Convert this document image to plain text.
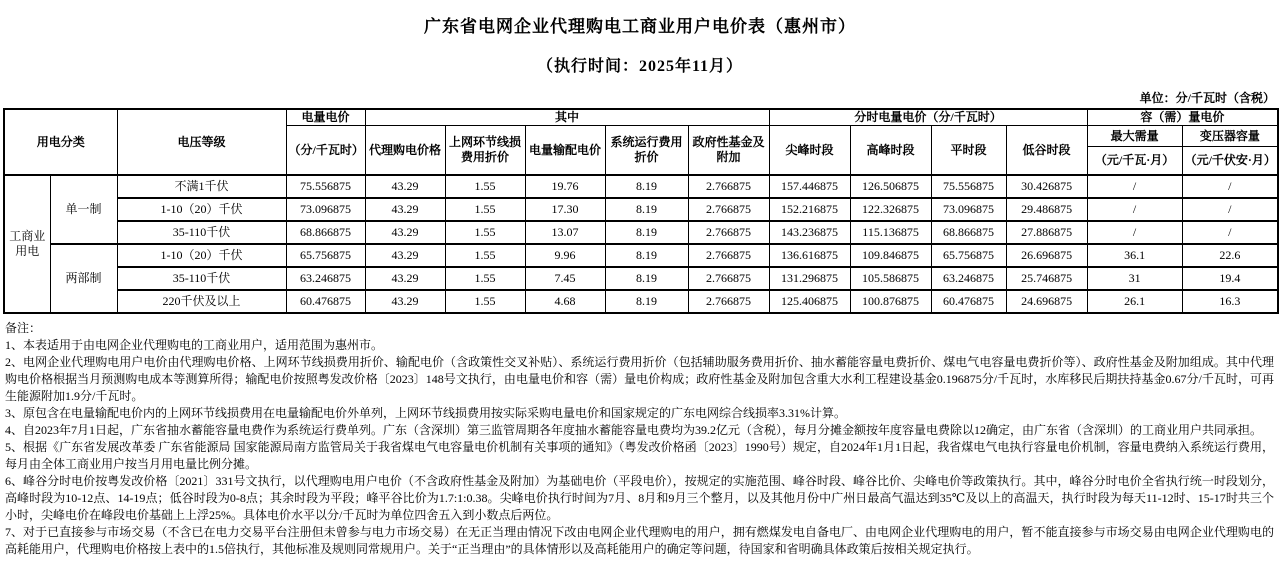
广东省电网企业代理购电工商业用户电价表（惠州市）
（执行时间：2025年11月）
单位：分/千瓦时（含税）
用电分类		电压等级	电量电价	其中					分时电量电价（分/千瓦时）				容（需）量电价	
			（分/千瓦时）	代理购电价格	上网环节线损费用折价	电量输配电价	系统运行费用折价	政府性基金及附加	尖峰时段	高峰时段	平时段	低谷时段	最大需量	变压器容量
													（元/千瓦·月）	（元/千伏安·月）
工商业用电	单一制	不满1千伏	75.556875	43.29	1.55	19.76	8.19	2.766875	157.446875	126.506875	75.556875	30.426875	/	/
		1-10（20）千伏	73.096875	43.29	1.55	17.30	8.19	2.766875	152.216875	122.326875	73.096875	29.486875	/	/
		35-110千伏	68.866875	43.29	1.55	13.07	8.19	2.766875	143.236875	115.136875	68.866875	27.886875	/	/
	两部制	1-10（20）千伏	65.756875	43.29	1.55	9.96	8.19	2.766875	136.616875	109.846875	65.756875	26.696875	36.1	22.6
		35-110千伏	63.246875	43.29	1.55	7.45	8.19	2.766875	131.296875	105.586875	63.246875	25.746875	31	19.4
		220千伏及以上	60.476875	43.29	1.55	4.68	8.19	2.766875	125.406875	100.876875	60.476875	24.696875	26.1	16.3
备注：
1、本表适用于由电网企业代理购电的工商业用户，适用范围为惠州市。
2、电网企业代理购电用户电价由代理购电价格、上网环节线损费用折价、输配电价（含政策性交叉补贴）、系统运行费用折价（包括辅助服务费用折价、抽水蓄能容量电费折价、煤电气电容量电费折价等）、政府性基金及附加组成。其中代理购电价格根据当月预测购电成本等测算所得；输配电价按照粤发改价格〔2023〕148号文执行，由电量电价和容（需）量电价构成；政府性基金及附加包含重大水利工程建设基金0.196875分/千瓦时，水库移民后期扶持基金0.67分/千瓦时，可再生能源附加1.9分/千瓦时。
3、原包含在电量输配电价内的上网环节线损费用在电量输配电价外单列，上网环节线损费用按实际采购电量电价和国家规定的广东电网综合线损率3.31%计算。
4、自2023年7月1日起，广东省抽水蓄能容量电费作为系统运行费单列。广东（含深圳）第三监管周期各年度抽水蓄能容量电费均为39.2亿元（含税），每月分摊金额按年度容量电费除以12确定，由广东省（含深圳）的工商业用户共同承担。
5、根据《广东省发展改革委 广东省能源局 国家能源局南方监管局关于我省煤电气电容量电价机制有关事项的通知》（粤发改价格函〔2023〕1990号）规定，自2024年1月1日起，我省煤电气电执行容量电价机制，容量电费纳入系统运行费用，每月由全体工商业用户按当月用电量比例分摊。
6、峰谷分时电价按粤发改价格〔2021〕331号文执行，以代理购电用户电价（不含政府性基金及附加）为基础电价（平段电价），按规定的实施范围、峰谷时段、峰谷比价、尖峰电价等政策执行。其中，峰谷分时电价全省执行统一时段划分，高峰时段为10-12点、14-19点；低谷时段为0-8点；其余时段为平段；峰平谷比价为1.7:1:0.38。尖峰电价执行时间为7月、8月和9月三个整月，以及其他月份中广州日最高气温达到35℃及以上的高温天，执行时段为每天11-12时、15-17时共三个小时，尖峰电价在峰段电价基础上上浮25%。具体电价水平以分/千瓦时为单位四舍五入到小数点后两位。
7、对于已直接参与市场交易（不含已在电力交易平台注册但未曾参与电力市场交易）在无正当理由情况下改由电网企业代理购电的用户，拥有燃煤发电自备电厂、由电网企业代理购电的用户，暂不能直接参与市场交易由电网企业代理购电的高耗能用户，代理购电价格按上表中的1.5倍执行，其他标准及规则同常规用户。关于“正当理由”的具体情形以及高耗能用户的确定等问题，待国家和省明确具体政策后按相关规定执行。
